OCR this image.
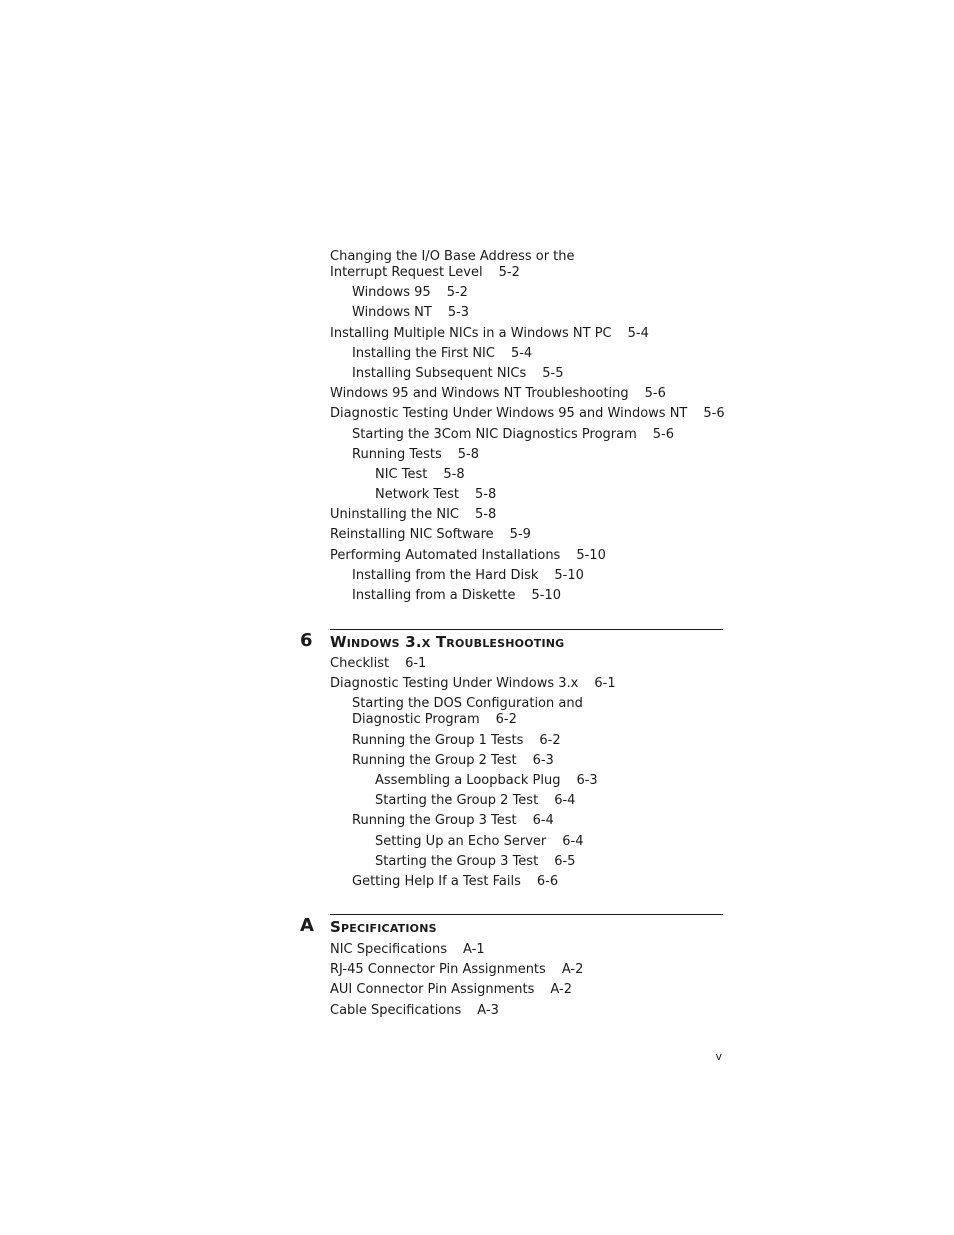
Changing the I/O Base Address or the Interrupt Request Level 5-2
Windows 95 5-2
Windows NT 5-3
Installing Multiple NICs in a Windows NT PC 5-4
Installing the First NIC 5-4
Installing Subsequent NICs 5-5
Windows 95 and Windows NT Troubleshooting 5-6
Diagnostic Testing Under Windows 95 and Windows NT 5-6
Starting the 3Com NIC Diagnostics Program 5-6
Running Tests 5-8
NIC Test 5-8
Network Test 5-8
Uninstalling the NIC 5-8
Reinstalling NIC Software 5-9
Performing Automated Installations 5-10
Installing from the Hard Disk 5-10
Installing from a Diskette 5-10
6 Windows 3.x Troubleshooting
Checklist 6-1
Diagnostic Testing Under Windows 3.x 6-1
Starting the DOS Configuration and Diagnostic Program 6-2
Running the Group 1 Tests 6-2
Running the Group 2 Test 6-3
Assembling a Loopback Plug 6-3
Starting the Group 2 Test 6-4
Running the Group 3 Test 6-4
Setting Up an Echo Server 6-4
Starting the Group 3 Test 6-5
Getting Help If a Test Fails 6-6
A Specifications
NIC Specifications A-1
RJ-45 Connector Pin Assignments A-2
AUI Connector Pin Assignments A-2
Cable Specifications A-3
v
